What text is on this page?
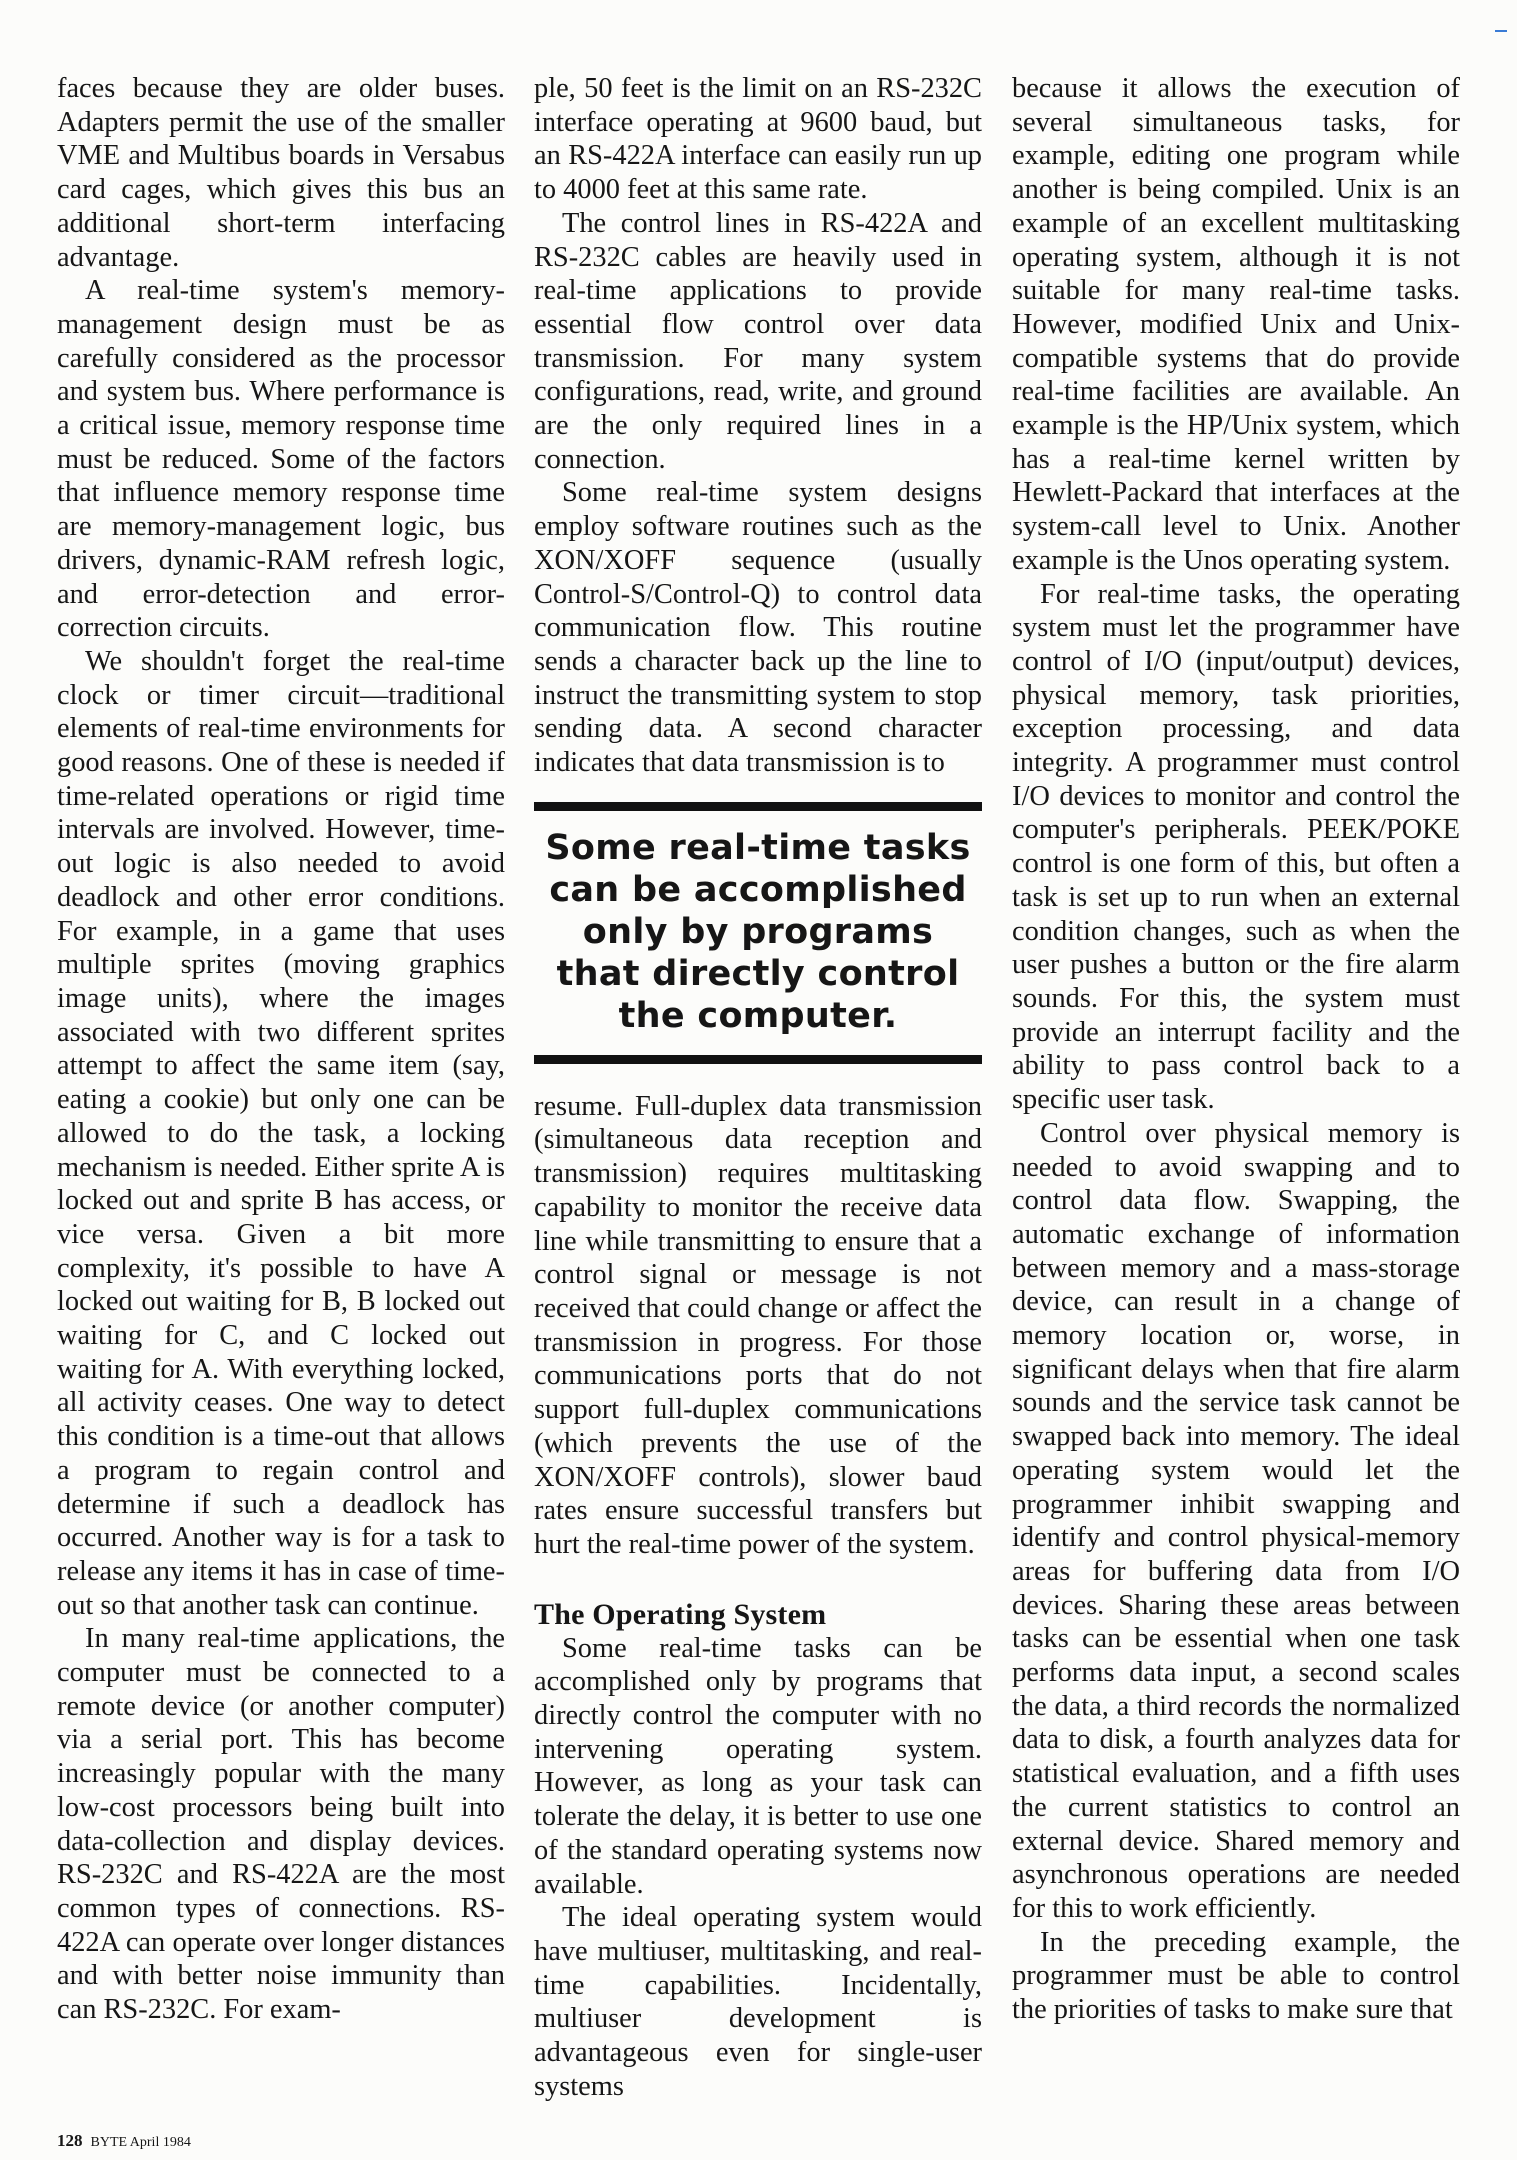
faces because they are older buses. Adapters permit the use of the smaller VME and Multibus boards in Versabus card cages, which gives this bus an additional short-term interfacing advantage.

A real-time system's memory-management design must be as carefully considered as the processor and system bus. Where performance is a critical issue, memory response time must be reduced. Some of the factors that influence memory response time are memory-management logic, bus drivers, dynamic-RAM refresh logic, and error-detection and error-correction circuits.

We shouldn't forget the real-time clock or timer circuit—traditional elements of real-time environments for good reasons. One of these is needed if time-related operations or rigid time intervals are involved. However, time-out logic is also needed to avoid deadlock and other error conditions. For example, in a game that uses multiple sprites (moving graphics image units), where the images associated with two different sprites attempt to affect the same item (say, eating a cookie) but only one can be allowed to do the task, a locking mechanism is needed. Either sprite A is locked out and sprite B has access, or vice versa. Given a bit more complexity, it's possible to have A locked out waiting for B, B locked out waiting for C, and C locked out waiting for A. With everything locked, all activity ceases. One way to detect this condition is a time-out that allows a program to regain control and determine if such a deadlock has occurred. Another way is for a task to release any items it has in case of time-out so that another task can continue.

In many real-time applications, the computer must be connected to a remote device (or another computer) via a serial port. This has become increasingly popular with the many low-cost processors being built into data-collection and display devices. RS-232C and RS-422A are the most common types of connections. RS-422A can operate over longer distances and with better noise immunity than can RS-232C. For exam-

ple, 50 feet is the limit on an RS-232C interface operating at 9600 baud, but an RS-422A interface can easily run up to 4000 feet at this same rate.

The control lines in RS-422A and RS-232C cables are heavily used in real-time applications to provide essential flow control over data transmission. For many system configurations, read, write, and ground are the only required lines in a connection.

Some real-time system designs employ software routines such as the XON/XOFF sequence (usually Control-S/Control-Q) to control data communication flow. This routine sends a character back up the line to instruct the transmitting system to stop sending data. A second character indicates that data transmission is to

Some real-time tasks can be accomplished only by programs that directly control the computer.

resume. Full-duplex data transmission (simultaneous data reception and transmission) requires multitasking capability to monitor the receive data line while transmitting to ensure that a control signal or message is not received that could change or affect the transmission in progress. For those communications ports that do not support full-duplex communications (which prevents the use of the XON/XOFF controls), slower baud rates ensure successful transfers but hurt the real-time power of the system.

The Operating System

Some real-time tasks can be accomplished only by programs that directly control the computer with no intervening operating system. However, as long as your task can tolerate the delay, it is better to use one of the standard operating systems now available.

The ideal operating system would have multiuser, multitasking, and real-time capabilities. Incidentally, multiuser development is advantageous even for single-user systems

because it allows the execution of several simultaneous tasks, for example, editing one program while another is being compiled. Unix is an example of an excellent multitasking operating system, although it is not suitable for many real-time tasks. However, modified Unix and Unix-compatible systems that do provide real-time facilities are available. An example is the HP/Unix system, which has a real-time kernel written by Hewlett-Packard that interfaces at the system-call level to Unix. Another example is the Unos operating system.

For real-time tasks, the operating system must let the programmer have control of I/O (input/output) devices, physical memory, task priorities, exception processing, and data integrity. A programmer must control I/O devices to monitor and control the computer's peripherals. PEEK/POKE control is one form of this, but often a task is set up to run when an external condition changes, such as when the user pushes a button or the fire alarm sounds. For this, the system must provide an interrupt facility and the ability to pass control back to a specific user task.

Control over physical memory is needed to avoid swapping and to control data flow. Swapping, the automatic exchange of information between memory and a mass-storage device, can result in a change of memory location or, worse, in significant delays when that fire alarm sounds and the service task cannot be swapped back into memory. The ideal operating system would let the programmer inhibit swapping and identify and control physical-memory areas for buffering data from I/O devices. Sharing these areas between tasks can be essential when one task performs data input, a second scales the data, a third records the normalized data to disk, a fourth analyzes data for statistical evaluation, and a fifth uses the current statistics to control an external device. Shared memory and asynchronous operations are needed for this to work efficiently.

In the preceding example, the programmer must be able to control the priorities of tasks to make sure that

128 BYTE April 1984
